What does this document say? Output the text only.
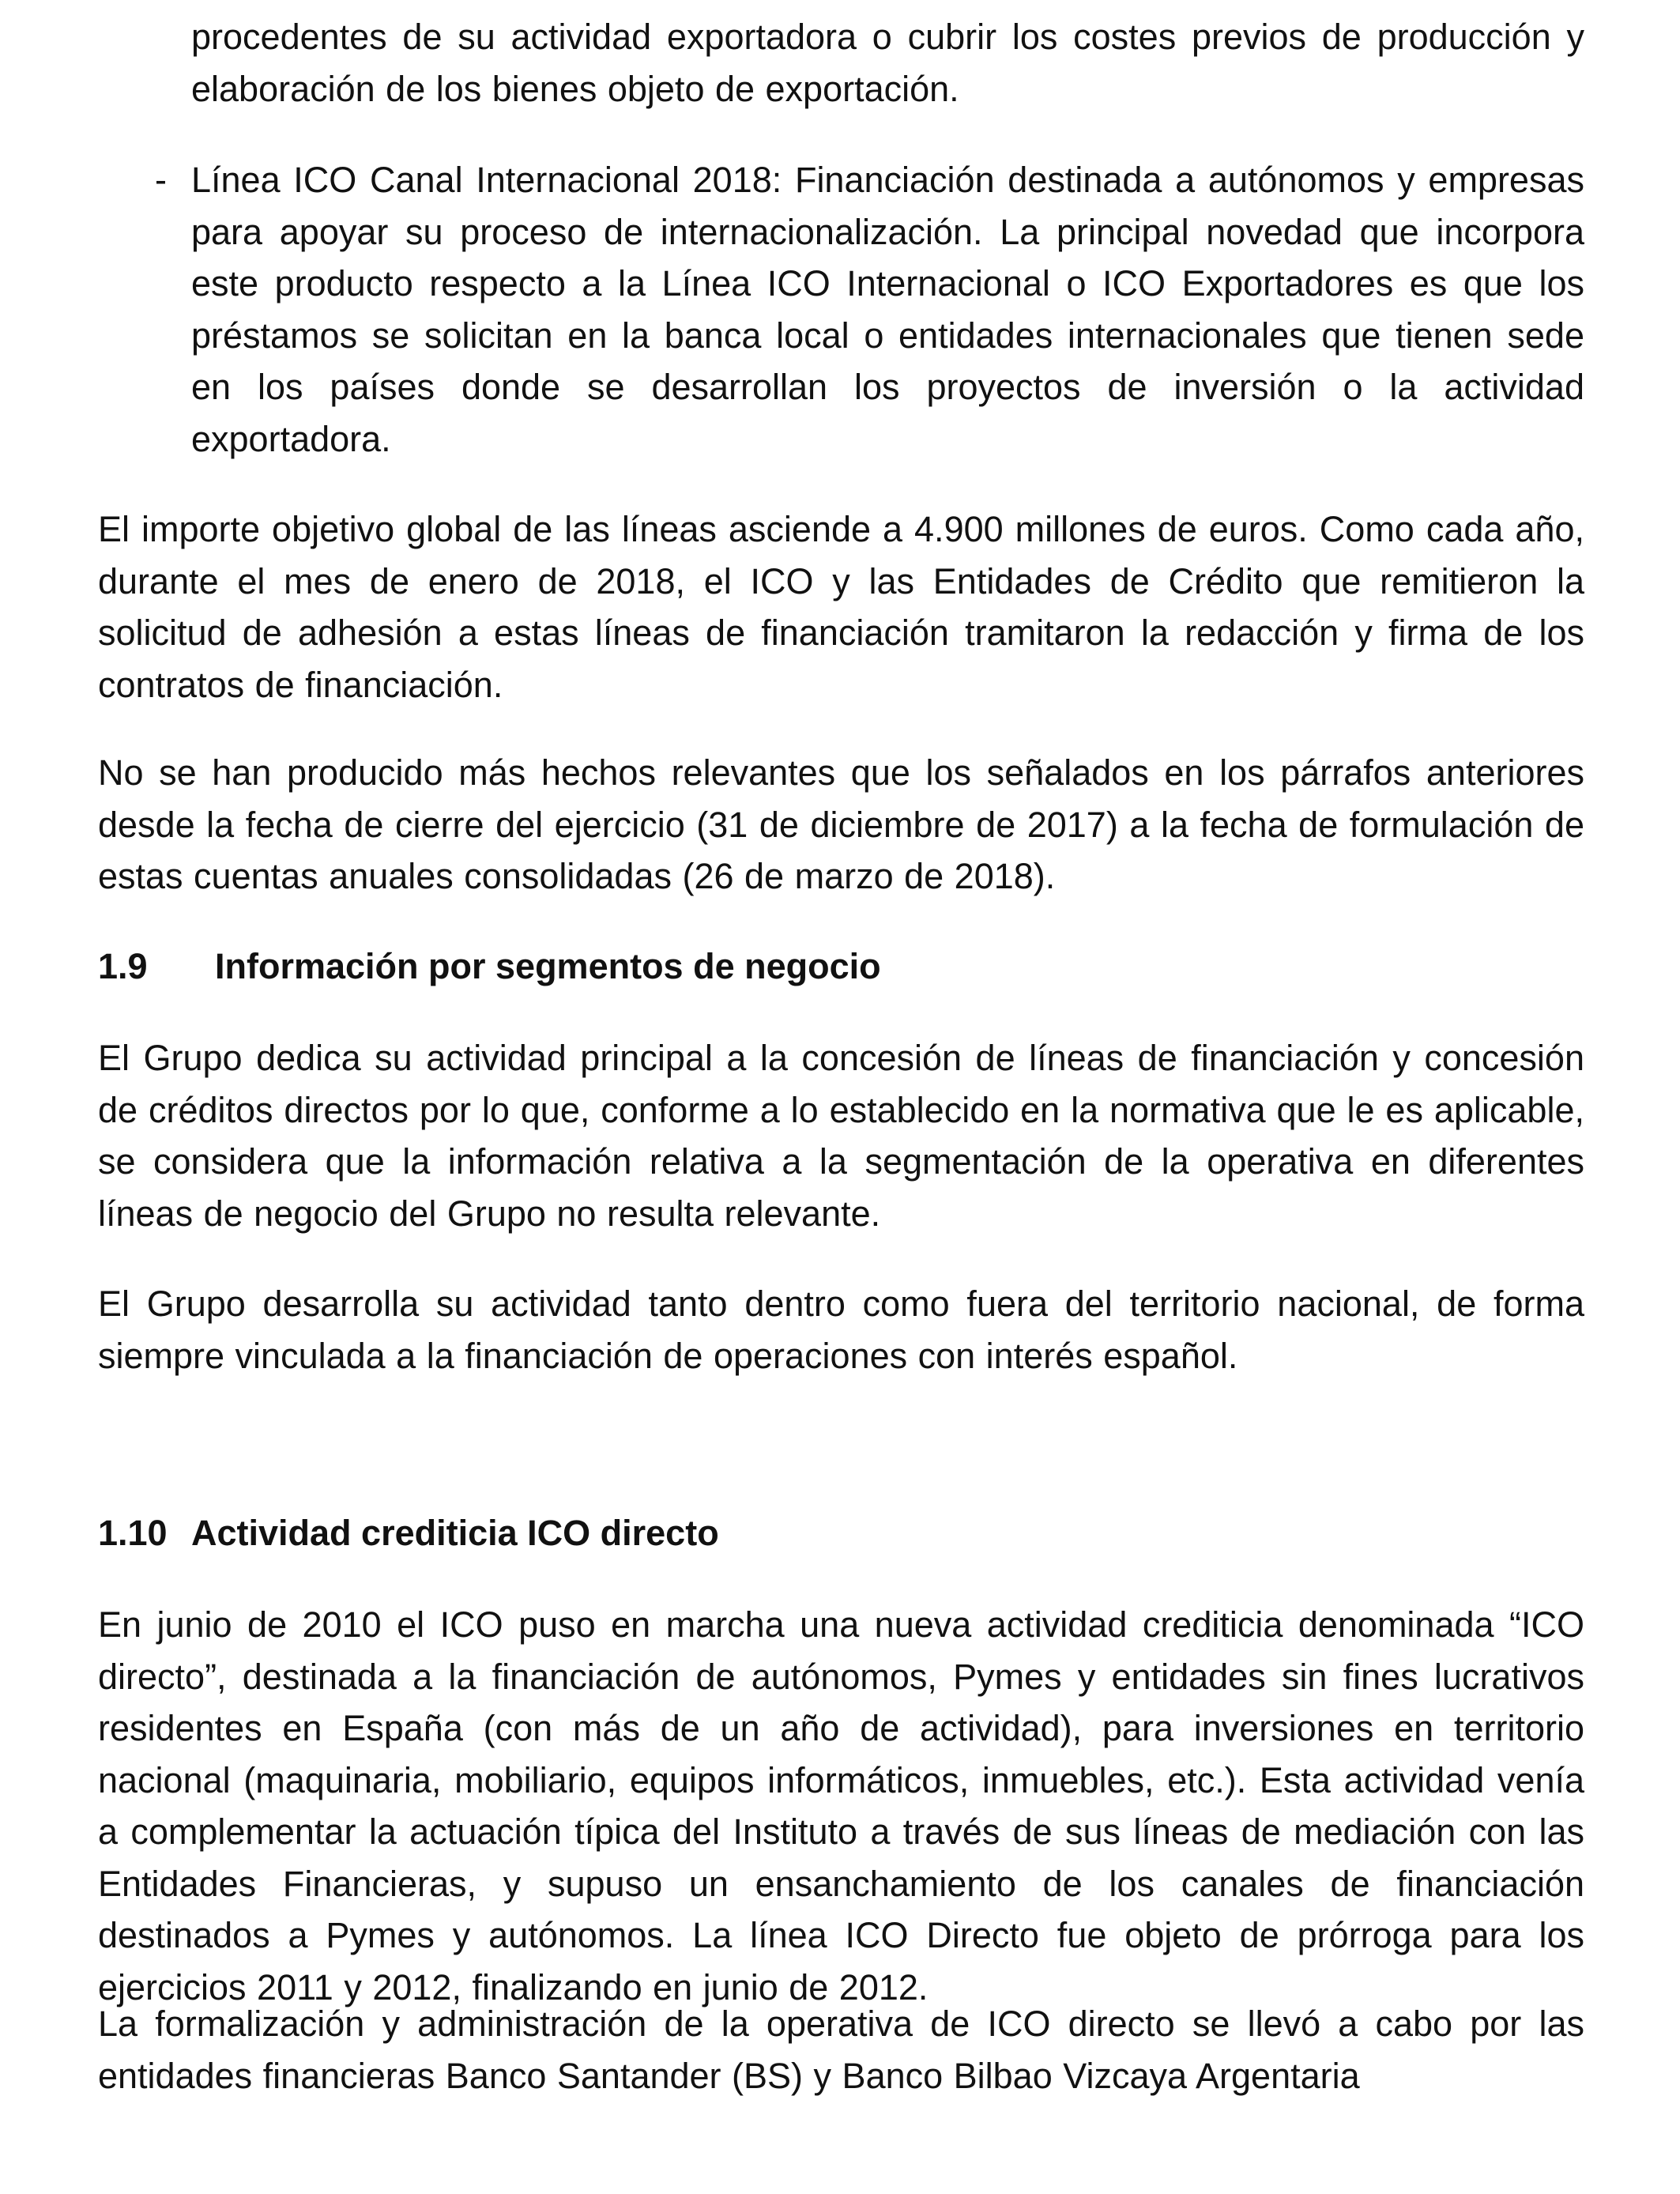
procedentes de su actividad exportadora o cubrir los costes previos de producción y elaboración de los bienes objeto de exportación.

- Línea ICO Canal Internacional 2018: Financiación destinada a autónomos y empresas para apoyar su proceso de internacionalización. La principal novedad que incorpora este producto respecto a la Línea ICO Internacional o ICO Exportadores es que los préstamos se solicitan en la banca local o entidades internacionales que tienen sede en los países donde se desarrollan los proyectos de inversión o la actividad exportadora.

El importe objetivo global de las líneas asciende a 4.900 millones de euros. Como cada año, durante el mes de enero de 2018, el ICO y las Entidades de Crédito que remitieron la solicitud de adhesión a estas líneas de financiación tramitaron la redacción y firma de los contratos de financiación.

No se han producido más hechos relevantes que los señalados en los párrafos anteriores desde la fecha de cierre del ejercicio (31 de diciembre de 2017) a la fecha de formulación de estas cuentas anuales consolidadas (26 de marzo de 2018).

1.9 Información por segmentos de negocio

El Grupo dedica su actividad principal a la concesión de líneas de financiación y concesión de créditos directos por lo que, conforme a lo establecido en la normativa que le es aplicable, se considera que la información relativa a la segmentación de la operativa en diferentes líneas de negocio del Grupo no resulta relevante.

El Grupo desarrolla su actividad tanto dentro como fuera del territorio nacional, de forma siempre vinculada a la financiación de operaciones con interés español.

1.10 Actividad crediticia ICO directo

En junio de 2010 el ICO puso en marcha una nueva actividad crediticia denominada “ICO directo”, destinada a la financiación de autónomos, Pymes y entidades sin fines lucrativos residentes en España (con más de un año de actividad), para inversiones en territorio nacional (maquinaria, mobiliario, equipos informáticos, inmuebles, etc.). Esta actividad venía a complementar la actuación típica del Instituto a través de sus líneas de mediación con las Entidades Financieras, y supuso un ensanchamiento de los canales de financiación destinados a Pymes y autónomos. La línea ICO Directo fue objeto de prórroga para los ejercicios 2011 y 2012, finalizando en junio de 2012.

La formalización y administración de la operativa de ICO directo se llevó a cabo por las entidades financieras Banco Santander (BS) y Banco Bilbao Vizcaya Argentaria
